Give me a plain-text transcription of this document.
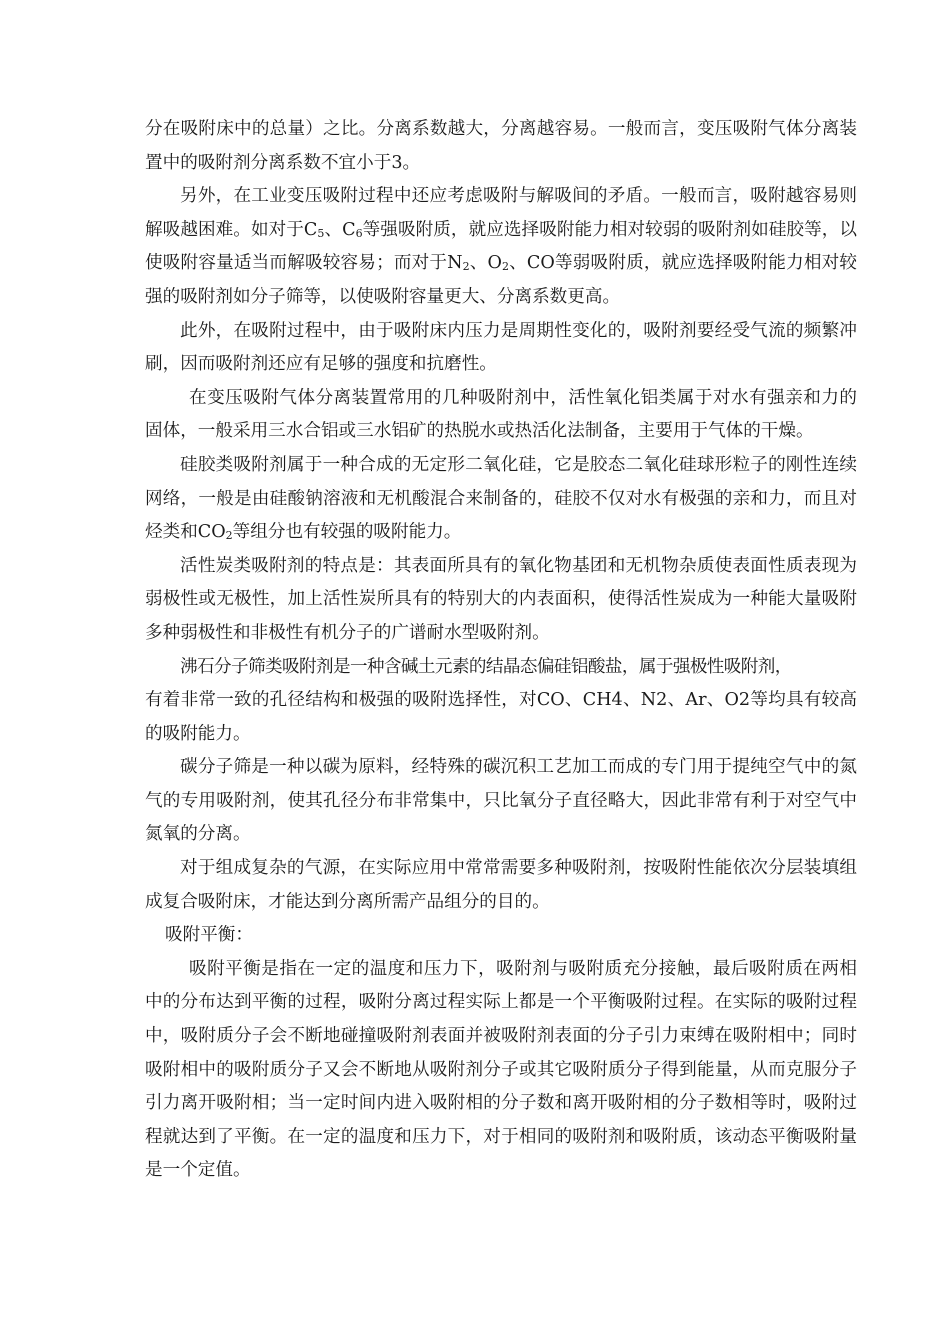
分在吸附床中的总量）之比。分离系数越大，分离越容易。一般而言，变压吸附气体分离装置中的吸附剂分离系数不宜小于3。

另外，在工业变压吸附过程中还应考虑吸附与解吸间的矛盾。一般而言，吸附越容易则解吸越困难。如对于$C_5$、$C_6$等强吸附质，就应选择吸附能力相对较弱的吸附剂如硅胶等，以使吸附容量适当而解吸较容易；而对于$N_2$、$O_2$、CO等弱吸附质，就应选择吸附能力相对较强的吸附剂如分子筛等，以使吸附容量更大、分离系数更高。

此外，在吸附过程中，由于吸附床内压力是周期性变化的，吸附剂要经受气流的频繁冲刷，因而吸附剂还应有足够的强度和抗磨性。

在变压吸附气体分离装置常用的几种吸附剂中，活性氧化铝类属于对水有强亲和力的固体，一般采用三水合铝或三水铝矿的热脱水或热活化法制备，主要用于气体的干燥。

硅胶类吸附剂属于一种合成的无定形二氧化硅，它是胶态二氧化硅球形粒子的刚性连续网络，一般是由硅酸钠溶液和无机酸混合来制备的，硅胶不仅对水有极强的亲和力，而且对烃类和$CO_2$等组分也有较强的吸附能力。

活性炭类吸附剂的特点是：其表面所具有的氧化物基团和无机物杂质使表面性质表现为弱极性或无极性，加上活性炭所具有的特别大的内表面积，使得活性炭成为一种能大量吸附多种弱极性和非极性有机分子的广谱耐水型吸附剂。

沸石分子筛类吸附剂是一种含碱土元素的结晶态偏硅铝酸盐，属于强极性吸附剂，
有着非常一致的孔径结构和极强的吸附选择性，对CO、CH4、N2、Ar、O2等均具有较高的吸附能力。

碳分子筛是一种以碳为原料，经特殊的碳沉积工艺加工而成的专门用于提纯空气中的氮气的专用吸附剂，使其孔径分布非常集中，只比氧分子直径略大，因此非常有利于对空气中氮氧的分离。

对于组成复杂的气源，在实际应用中常常需要多种吸附剂，按吸附性能依次分层装填组成复合吸附床，才能达到分离所需产品组分的目的。

吸附平衡：

吸附平衡是指在一定的温度和压力下，吸附剂与吸附质充分接触，最后吸附质在两相中的分布达到平衡的过程，吸附分离过程实际上都是一个平衡吸附过程。在实际的吸附过程中，吸附质分子会不断地碰撞吸附剂表面并被吸附剂表面的分子引力束缚在吸附相中；同时吸附相中的吸附质分子又会不断地从吸附剂分子或其它吸附质分子得到能量，从而克服分子引力离开吸附相；当一定时间内进入吸附相的分子数和离开吸附相的分子数相等时，吸附过程就达到了平衡。在一定的温度和压力下，对于相同的吸附剂和吸附质，该动态平衡吸附量是一个定值。
